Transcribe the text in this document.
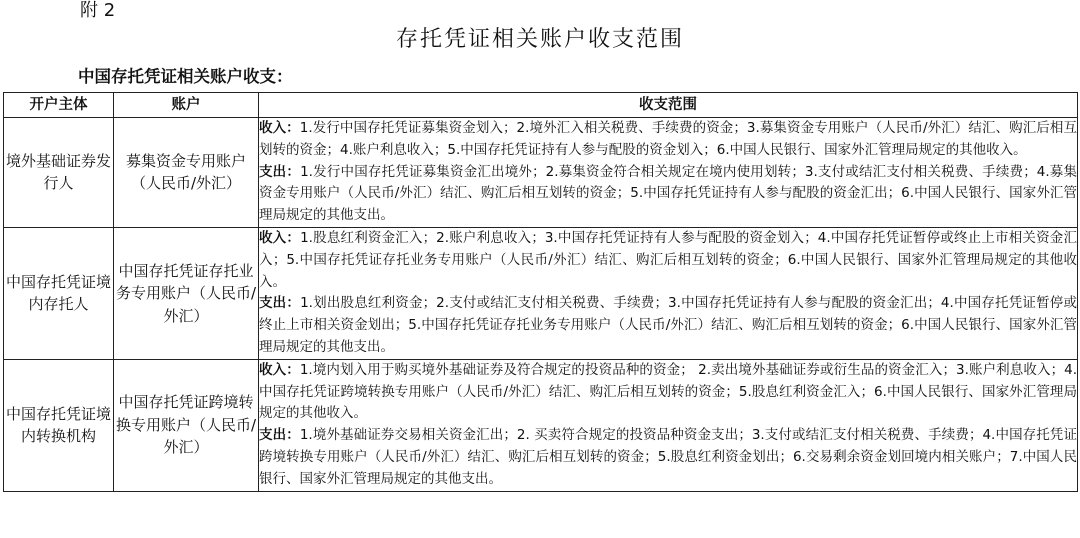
附 2
存托凭证相关账户收支范围
中国存托凭证相关账户收支：
开户主体	账户	收支范围
境外基础证券发行人	募集资金专用账户（人民币/外汇）	收入：1.发行中国存托凭证募集资金划入；2.境外汇入相关税费、手续费的资金；3.募集资金专用账户（人民币/外汇）结汇、购汇后相互划转的资金；4.账户利息收入；5.中国存托凭证持有人参与配股的资金划入；6.中国人民银行、国家外汇管理局规定的其他收入。

支出：1.发行中国存托凭证募集资金汇出境外；2.募集资金符合相关规定在境内使用划转；3.支付或结汇支付相关税费、手续费；4.募集资金专用账户（人民币/外汇）结汇、购汇后相互划转的资金；5.中国存托凭证持有人参与配股的资金汇出；6.中国人民银行、国家外汇管理局规定的其他支出。

中国存托凭证境内存托人	中国存托凭证存托业务专用账户（人民币/外汇）	收入：1.股息红利资金汇入；2.账户利息收入；3.中国存托凭证持有人参与配股的资金划入；4.中国存托凭证暂停或终止上市相关资金汇入；5.中国存托凭证存托业务专用账户（人民币/外汇）结汇、购汇后相互划转的资金；6.中国人民银行、国家外汇管理局规定的其他收入。

支出：1.划出股息红利资金；2.支付或结汇支付相关税费、手续费；3.中国存托凭证持有人参与配股的资金汇出；4.中国存托凭证暂停或终止上市相关资金划出；5.中国存托凭证存托业务专用账户（人民币/外汇）结汇、购汇后相互划转的资金；6.中国人民银行、国家外汇管理局规定的其他支出。

中国存托凭证境内转换机构	中国存托凭证跨境转换专用账户（人民币/外汇）	收入：1.境内划入用于购买境外基础证券及符合规定的投资品种的资金； 2.卖出境外基础证券或衍生品的资金汇入；3.账户利息收入；4.中国存托凭证跨境转换专用账户（人民币/外汇）结汇、购汇后相互划转的资金；5.股息红利资金汇入；6.中国人民银行、国家外汇管理局规定的其他收入。

支出：1.境外基础证券交易相关资金汇出；2. 买卖符合规定的投资品种资金支出；3.支付或结汇支付相关税费、手续费；4.中国存托凭证跨境转换专用账户（人民币/外汇）结汇、购汇后相互划转的资金；5.股息红利资金划出；6.交易剩余资金划回境内相关账户；7.中国人民银行、国家外汇管理局规定的其他支出。
